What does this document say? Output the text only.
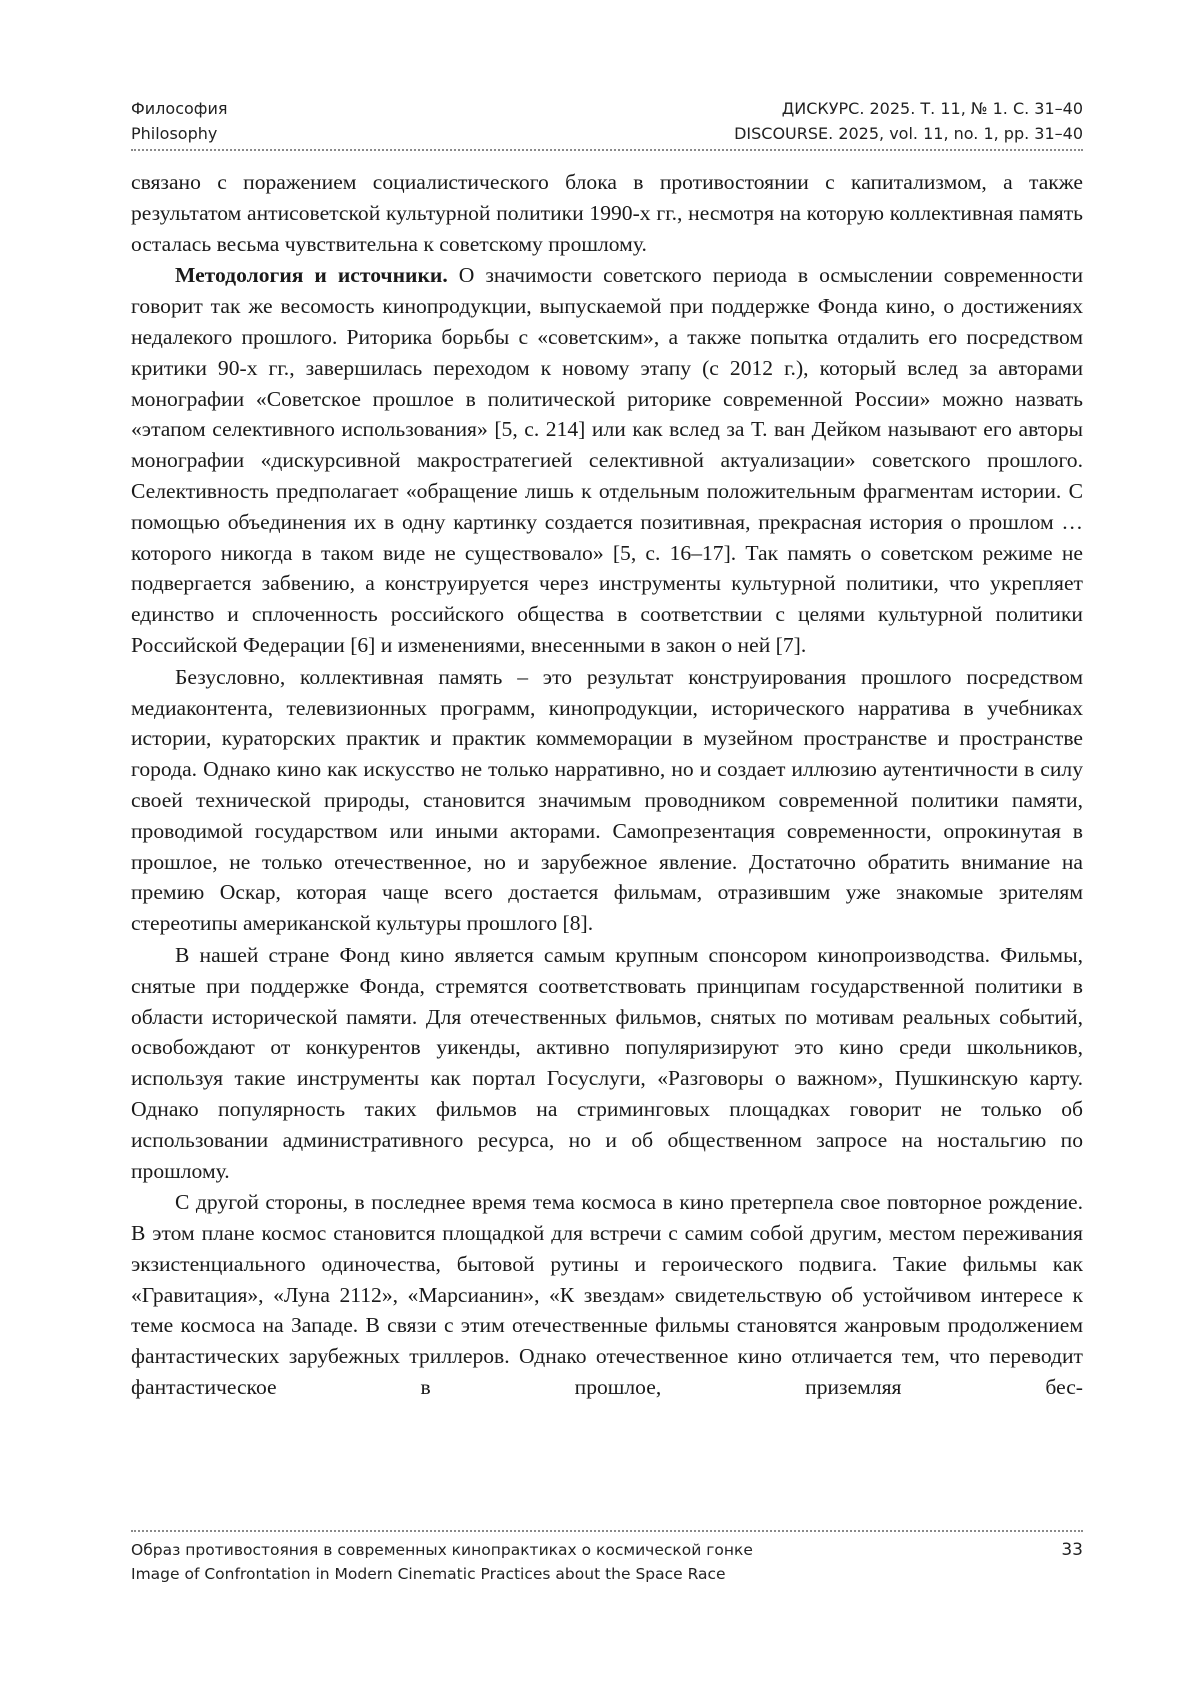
Философия
Philosophy
ДИСКУРС. 2025. Т. 11, № 1. С. 31–40
DISCOURSE. 2025, vol. 11, no. 1, pp. 31–40

связано с поражением социалистического блока в противостоянии с капитализмом, а также результатом антисоветской культурной политики 1990-х гг., несмотря на которую коллективная память осталась весьма чувствительна к советскому прошлому.

Методология и источники. О значимости советского периода в осмыслении современности говорит так же весомость кинопродукции, выпускаемой при поддержке Фонда кино, о достижениях недалекого прошлого. Риторика борьбы с «советским», а также попытка отдалить его посредством критики 90-х гг., завершилась переходом к новому этапу (с 2012 г.), который вслед за авторами монографии «Советское прошлое в политической риторике современной России» можно назвать «этапом селективного использования» [5, с. 214] или как вслед за Т. ван Дейком называют его авторы монографии «дискурсивной макростратегией селективной актуализации» советского прошлого. Селективность предполагает «обращение лишь к отдельным положительным фрагментам истории. С помощью объединения их в одну картинку создается позитивная, прекрасная история о прошлом … которого никогда в таком виде не существовало» [5, с. 16–17]. Так память о советском режиме не подвергается забвению, а конструируется через инструменты культурной политики, что укрепляет единство и сплоченность российского общества в соответствии с целями культурной политики Российской Федерации [6] и изменениями, внесенными в закон о ней [7].

Безусловно, коллективная память – это результат конструирования прошлого посредством медиаконтента, телевизионных программ, кинопродукции, исторического нарратива в учебниках истории, кураторских практик и практик коммеморации в музейном пространстве и пространстве города. Однако кино как искусство не только нарративно, но и создает иллюзию аутентичности в силу своей технической природы, становится значимым проводником современной политики памяти, проводимой государством или иными акторами. Самопрезентация современности, опрокинутая в прошлое, не только отечественное, но и зарубежное явление. Достаточно обратить внимание на премию Оскар, которая чаще всего достается фильмам, отразившим уже знакомые зрителям стереотипы американской культуры прошлого [8].

В нашей стране Фонд кино является самым крупным спонсором кинопроизводства. Фильмы, снятые при поддержке Фонда, стремятся соответствовать принципам государственной политики в области исторической памяти. Для отечественных фильмов, снятых по мотивам реальных событий, освобождают от конкурентов уикенды, активно популяризируют это кино среди школьников, используя такие инструменты как портал Госуслуги, «Разговоры о важном», Пушкинскую карту. Однако популярность таких фильмов на стриминговых площадках говорит не только об использовании административного ресурса, но и об общественном запросе на ностальгию по прошлому.

С другой стороны, в последнее время тема космоса в кино претерпела свое повторное рождение. В этом плане космос становится площадкой для встречи с самим собой другим, местом переживания экзистенциального одиночества, бытовой рутины и героического подвига. Такие фильмы как «Гравитация», «Луна 2112», «Марсианин», «К звездам» свидетельствую об устойчивом интересе к теме космоса на Западе. В связи с этим отечественные фильмы становятся жанровым продолжением фантастических зарубежных триллеров. Однако отечественное кино отличается тем, что переводит фантастическое в прошлое, приземляя бес-

Образ противостояния в современных кинопрактиках о космической гонке	33
Image of Confrontation in Modern Cinematic Practices about the Space Race
